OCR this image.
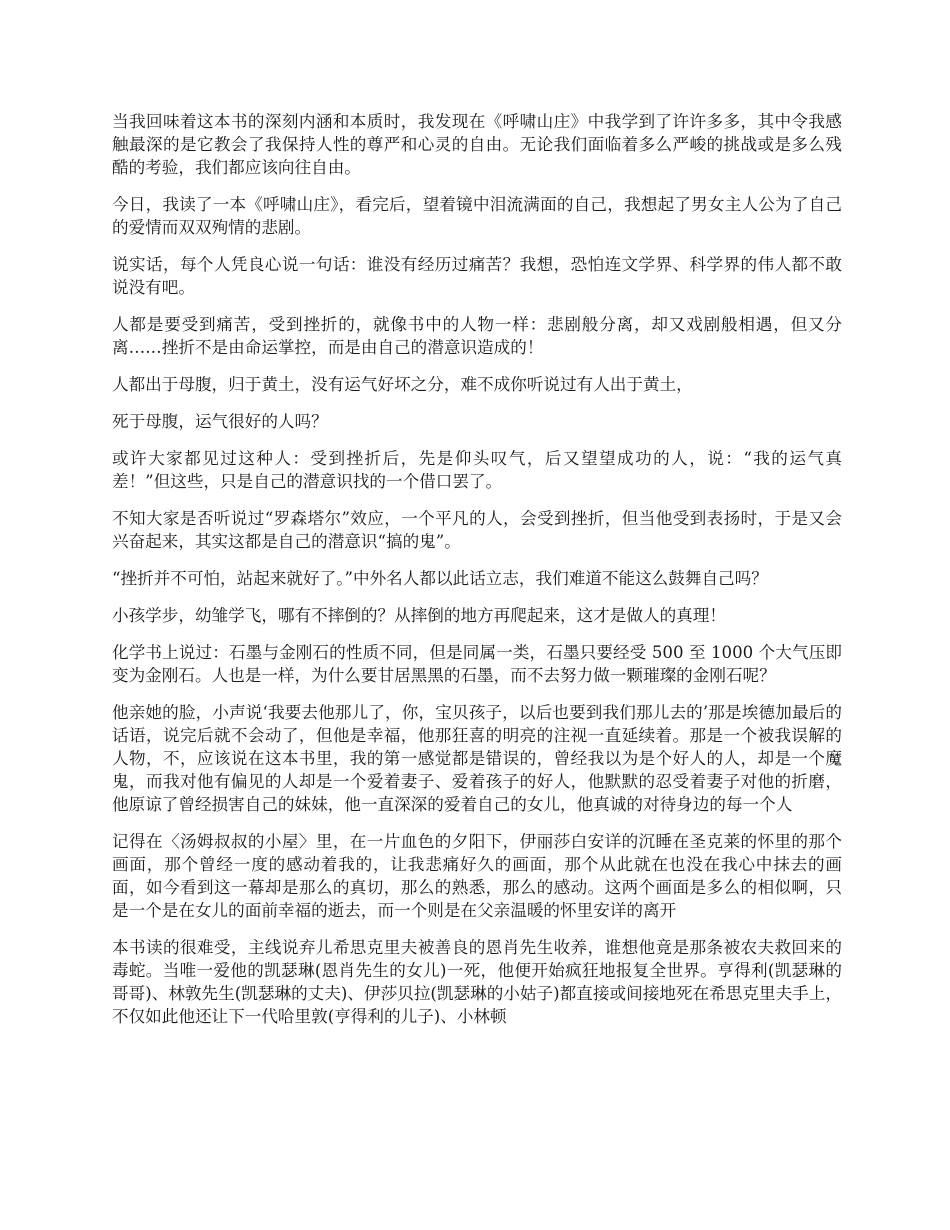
当我回味着这本书的深刻内涵和本质时，我发现在《呼啸山庄》中我学到了许许多多，其中令我感触最深的是它教会了我保持人性的尊严和心灵的自由。无论我们面临着多么严峻的挑战或是多么残酷的考验，我们都应该向往自由。

今日，我读了一本《呼啸山庄》，看完后，望着镜中泪流满面的自己，我想起了男女主人公为了自己的爱情而双双殉情的悲剧。

说实话，每个人凭良心说一句话：谁没有经历过痛苦？我想，恐怕连文学界、科学界的伟人都不敢说没有吧。

人都是要受到痛苦，受到挫折的，就像书中的人物一样：悲剧般分离，却又戏剧般相遇，但又分离……挫折不是由命运掌控，而是由自己的潜意识造成的！

人都出于母腹，归于黄土，没有运气好坏之分，难不成你听说过有人出于黄土，

死于母腹，运气很好的人吗？

或许大家都见过这种人：受到挫折后，先是仰头叹气，后又望望成功的人，说：“我的运气真差！”但这些，只是自己的潜意识找的一个借口罢了。

不知大家是否听说过“罗森塔尔”效应，一个平凡的人，会受到挫折，但当他受到表扬时，于是又会兴奋起来，其实这都是自己的潜意识“搞的鬼”。

“挫折并不可怕，站起来就好了。”中外名人都以此话立志，我们难道不能这么鼓舞自己吗？

小孩学步，幼雏学飞，哪有不摔倒的？从摔倒的地方再爬起来，这才是做人的真理！

化学书上说过：石墨与金刚石的性质不同，但是同属一类，石墨只要经受 500 至 1000 个大气压即变为金刚石。人也是一样，为什么要甘居黑黑的石墨，而不去努力做一颗璀璨的金刚石呢？

他亲她的脸，小声说‘我要去他那儿了，你，宝贝孩子，以后也要到我们那儿去的’那是埃德加最后的话语，说完后就不会动了，但他是幸福，他那狂喜的明亮的注视一直延续着。那是一个被我误解的人物，不，应该说在这本书里，我的第一感觉都是错误的，曾经我以为是个好人的人，却是一个魔鬼，而我对他有偏见的人却是一个爱着妻子、爱着孩子的好人，他默默的忍受着妻子对他的折磨，他原谅了曾经损害自己的妹妹，他一直深深的爱着自己的女儿，他真诚的对待身边的每一个人

记得在〈汤姆叔叔的小屋〉里，在一片血色的夕阳下，伊丽莎白安详的沉睡在圣克莱的怀里的那个画面，那个曾经一度的感动着我的，让我悲痛好久的画面，那个从此就在也没在我心中抹去的画面，如今看到这一幕却是那么的真切，那么的熟悉，那么的感动。这两个画面是多么的相似啊，只是一个是在女儿的面前幸福的逝去，而一个则是在父亲温暖的怀里安详的离开

本书读的很难受，主线说弃儿希思克里夫被善良的恩肖先生收养，谁想他竟是那条被农夫救回来的毒蛇。当唯一爱他的凯瑟琳(恩肖先生的女儿)一死，他便开始疯狂地报复全世界。亨得利(凯瑟琳的哥哥)、林敦先生(凯瑟琳的丈夫)、伊莎贝拉(凯瑟琳的小姑子)都直接或间接地死在希思克里夫手上，不仅如此他还让下一代哈里敦(亨得利的儿子)、小林顿
